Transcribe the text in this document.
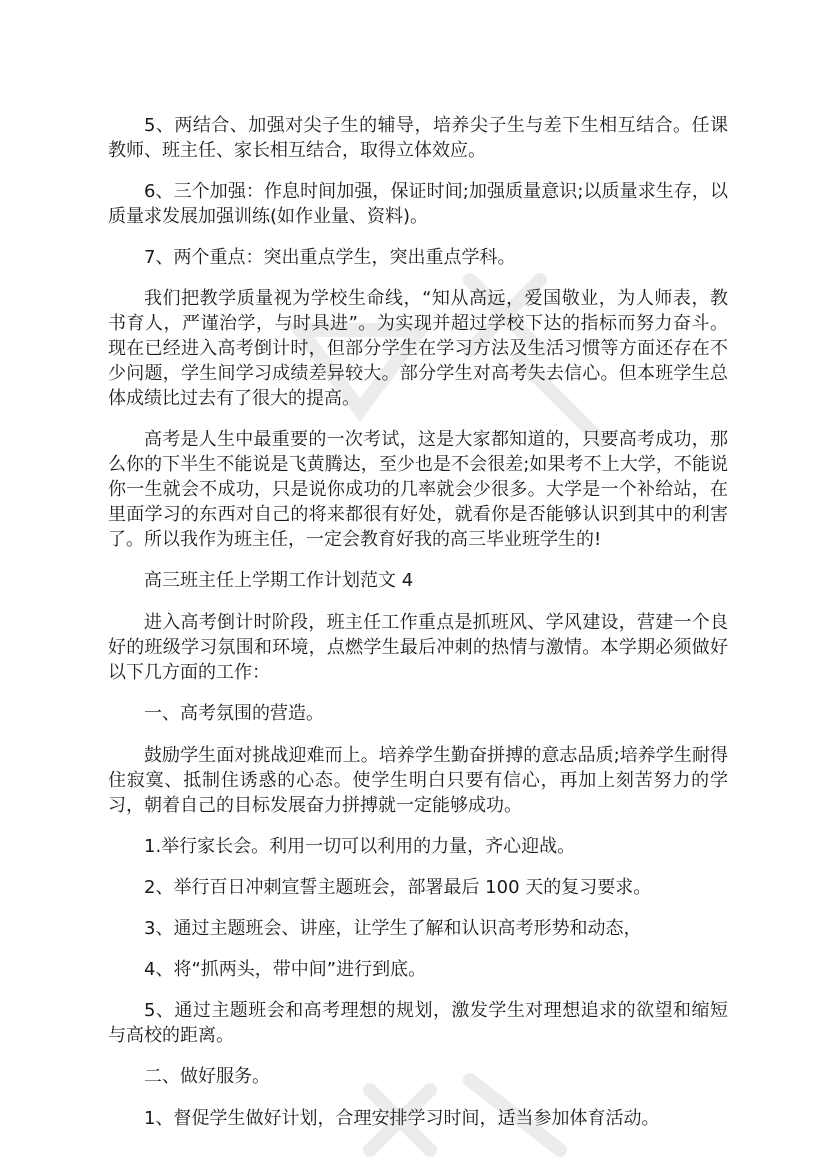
5、两结合、加强对尖子生的辅导，培养尖子生与差下生相互结合。任课教师、班主任、家长相互结合，取得立体效应。

6、三个加强：作息时间加强，保证时间;加强质量意识;以质量求生存，以质量求发展加强训练(如作业量、资料)。

7、两个重点：突出重点学生，突出重点学科。

我们把教学质量视为学校生命线，“知从高远，爱国敬业，为人师表，教书育人，严谨治学，与时具进”。为实现并超过学校下达的指标而努力奋斗。现在已经进入高考倒计时，但部分学生在学习方法及生活习惯等方面还存在不少问题，学生间学习成绩差异较大。部分学生对高考失去信心。但本班学生总体成绩比过去有了很大的提高。

高考是人生中最重要的一次考试，这是大家都知道的，只要高考成功，那么你的下半生不能说是飞黄腾达，至少也是不会很差;如果考不上大学，不能说你一生就会不成功，只是说你成功的几率就会少很多。大学是一个补给站，在里面学习的东西对自己的将来都很有好处，就看你是否能够认识到其中的利害了。所以我作为班主任，一定会教育好我的高三毕业班学生的!

高三班主任上学期工作计划范文 4

进入高考倒计时阶段，班主任工作重点是抓班风、学风建设，营建一个良好的班级学习氛围和环境，点燃学生最后冲刺的热情与激情。本学期必须做好以下几方面的工作：

一、高考氛围的营造。

鼓励学生面对挑战迎难而上。培养学生勤奋拼搏的意志品质;培养学生耐得住寂寞、抵制住诱惑的心态。使学生明白只要有信心，再加上刻苦努力的学习，朝着自己的目标发展奋力拼搏就一定能够成功。

1.举行家长会。利用一切可以利用的力量，齐心迎战。

2、举行百日冲刺宣誓主题班会，部署最后 100 天的复习要求。

3、通过主题班会、讲座，让学生了解和认识高考形势和动态，

4、将“抓两头，带中间”进行到底。

5、通过主题班会和高考理想的规划，激发学生对理想追求的欲望和缩短与高校的距离。

二、做好服务。

1、督促学生做好计划，合理安排学习时间，适当参加体育活动。
